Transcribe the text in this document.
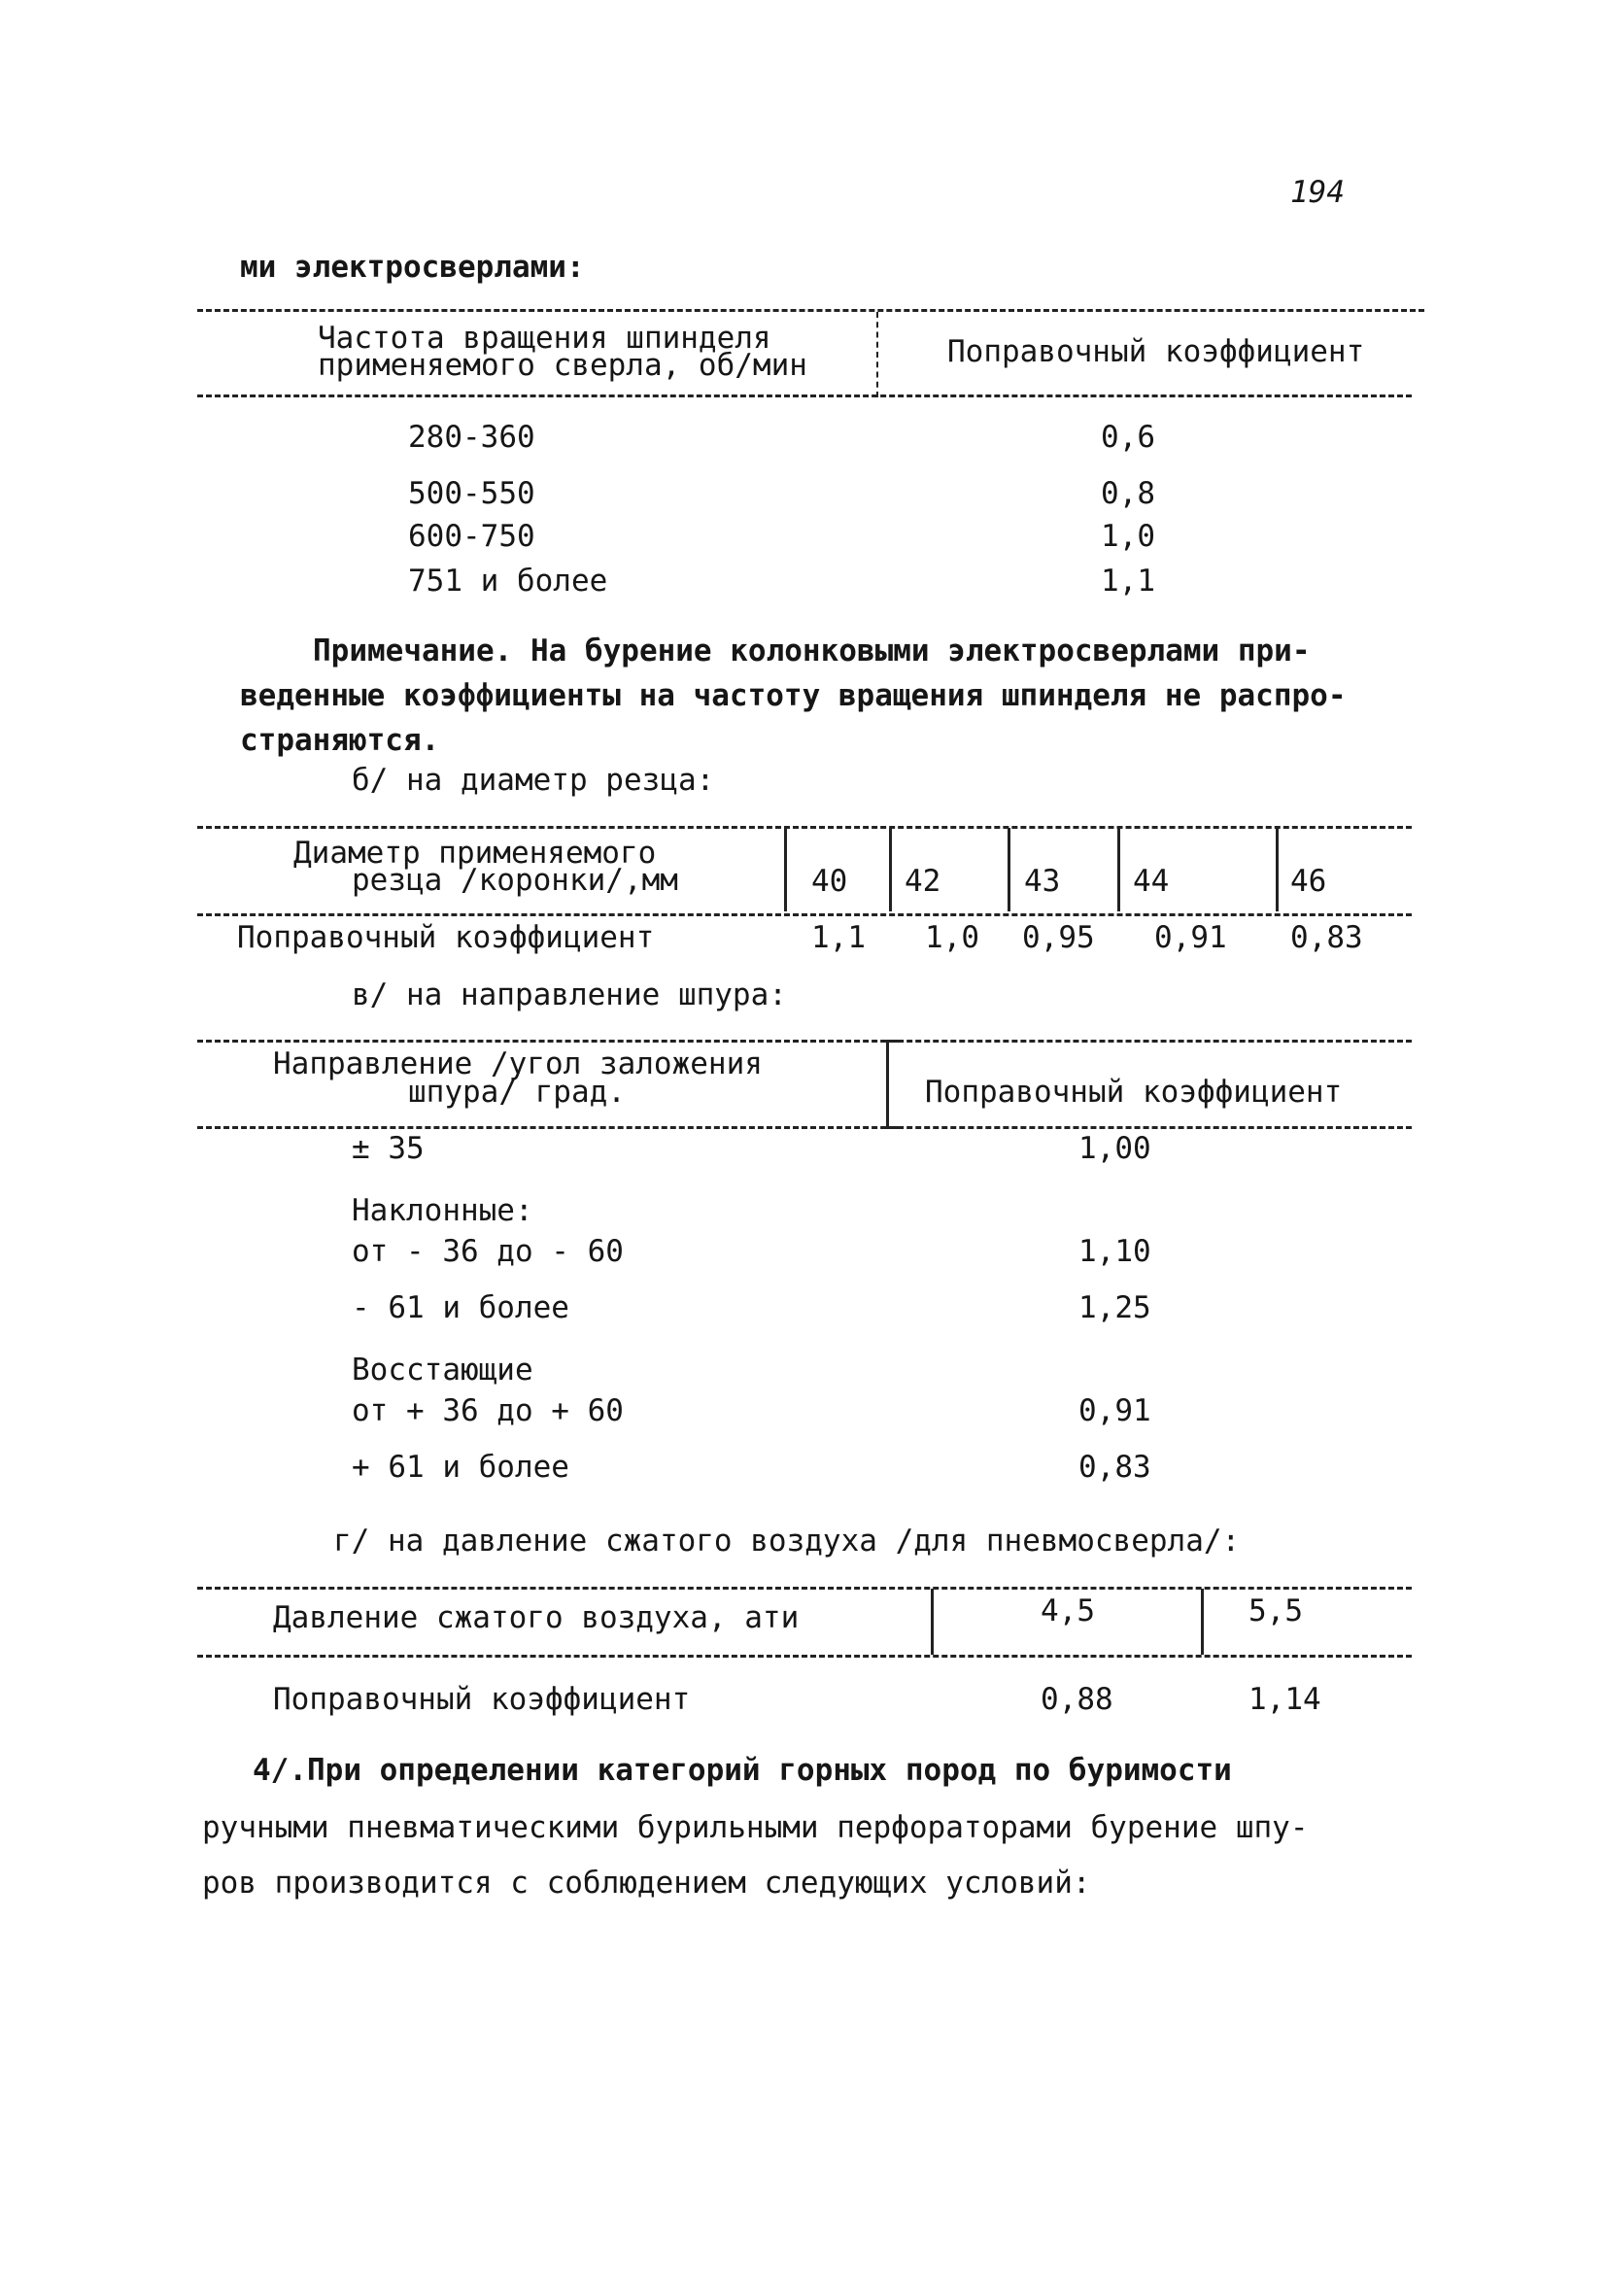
194
ми электросверлами:
Частота вращения шпинделя
применяемого сверла, об/мин	Поправочный коэффициент
280-360	0,6
500-550	0,8
600-750	1,0
751 и более	1,1
Примечание. На бурение колонковыми электросверлами при-
веденные коэффициенты на частоту вращения шпинделя не распро-
страняются.
б/ на диаметр резца:
Диаметр применяемого
резца /коронки/,мм	40 42	43 44	46
Поправочный коэффициент	1,1 1,0 0,95 0,91 0,83
в/ на направление шпура:
Направление /угол заложения
шпура/ град.	Поправочный коэффициент
± 35	1,00
Наклонные:
от - 36 до - 60	1,10
- 61 и более	1,25
Восстающие
от + 36 до + 60	0,91
+ 61 и более	0,83
г/ на давление сжатого воздуха /для пневмосверла/:
Давление сжатого воздуха, ати	4,5	5,5
Поправочный коэффициент	0,88	1,14
4/.При определении категорий горных пород по буримости
ручными пневматическими бурильными перфораторами бурение шпу-
ров производится с соблюдением следующих условий:
